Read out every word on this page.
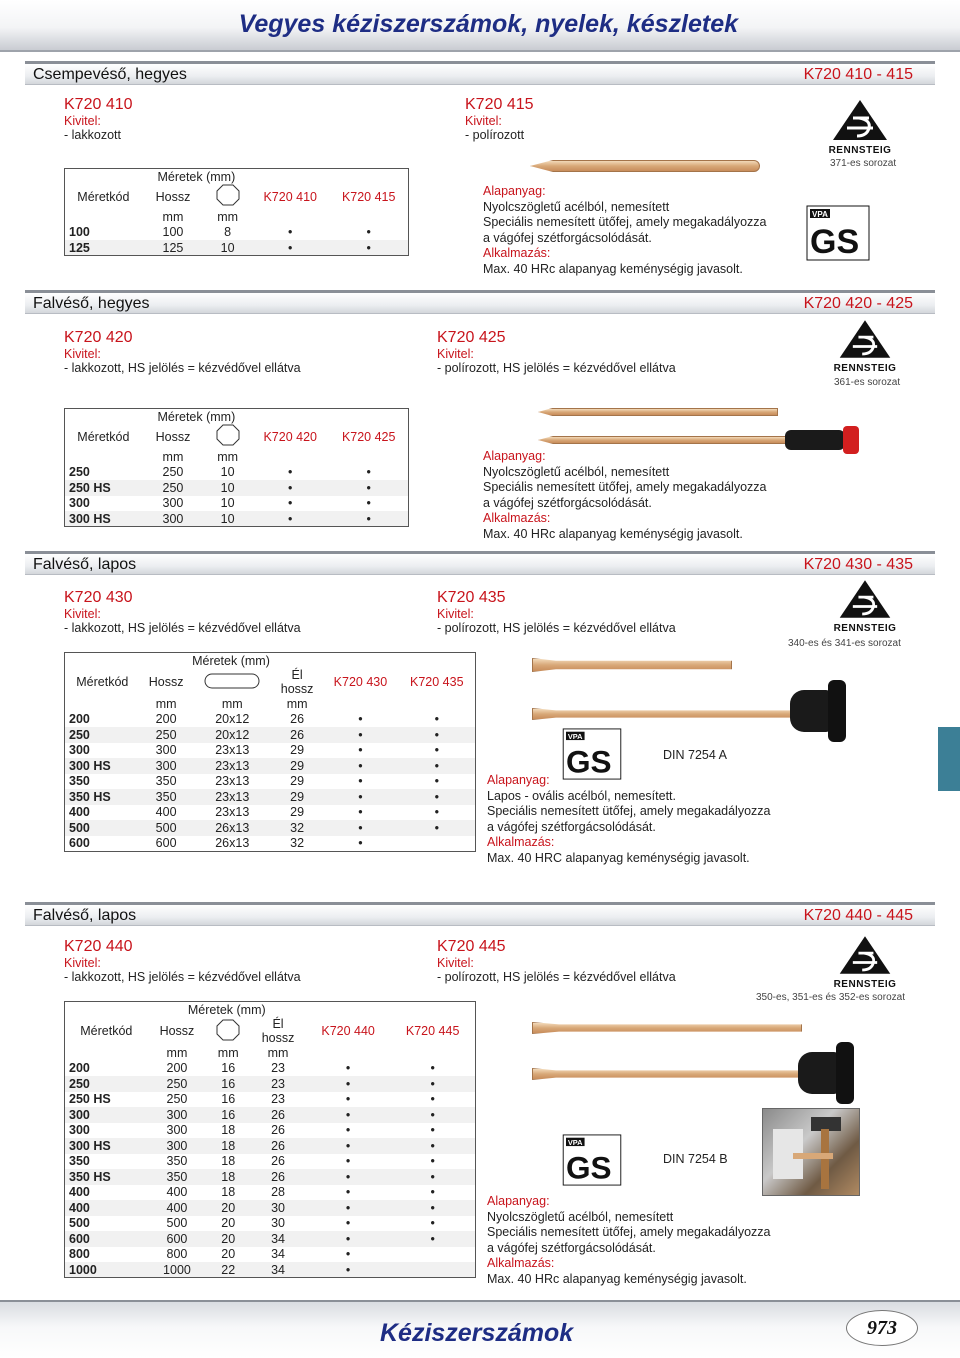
Vegyes kéziszerszámok, nyelek, készletek
Csempevéső, hegyes	K720 410 - 415
K720 410
Kivitel:
- lakkozott
K720 415
Kivitel:
- polírozott
RENNSTEIG
371-es sorozat
	Méretek (mm)			
Méretkód	Hossz		K720 410	K720 415
	mm	mm		
100	100	8	•	•
125	125	10	•	•
Alapanyag:
Nyolcszögletű acélból, nemesített
Speciális nemesített ütőfej, amely megakadályozza
a vágófej szétforgácsolódását.
Alkalmazás:
Max. 40 HRc alapanyag keménységig javasolt.
VPA
GS
Falvéső, hegyes	K720 420 - 425
K720 420
Kivitel:
- lakkozott, HS jelölés = kézvédővel ellátva
K720 425
Kivitel:
- polírozott, HS jelölés = kézvédővel ellátva	RENNSTEIG
361-es sorozat
	Méretek (mm)			
Méretkód	Hossz		K720 420	K720 425
	mm	mm		
250	250	10	•	•
250 HS	250	10	•	•
300	300	10	•	•
300 HS	300	10	•	•
Alapanyag:
Nyolcszögletű acélból, nemesített
Speciális nemesített ütőfej, amely megakadályozza
a vágófej szétforgácsolódását.
Alkalmazás:
Max. 40 HRc alapanyag keménységig javasolt.
Falvéső, lapos	K720 430 - 435
K720 430
Kivitel:
- lakkozott, HS jelölés = kézvédővel ellátva
K720 435
Kivitel:
- polírozott, HS jelölés = kézvédővel ellátva	RENNSTEIG
340-es és 341-es sorozat
	Méretek (mm)				
Méretkód	Hossz		Él
hossz	K720 430	K720 435
	mm	mm	mm		
200	200	20x12	26	•	•
250	250	20x12	26	•	•
300	300	23x13	29	•	•
300 HS	300	23x13	29	•	•
350	350	23x13	29	•	•
350 HS	350	23x13	29	•	•
400	400	23x13	29	•	•
500	500	26x13	32	•	•
600	600	26x13	32	•	
VPA
GS	DIN 7254 A
Alapanyag:
Lapos - ovális acélból, nemesített.
Speciális nemesített ütőfej, amely megakadályozza
a vágófej szétforgácsolódását.
Alkalmazás:
Max. 40 HRC alapanyag keménységig javasolt.
Falvéső, lapos	K720 440 - 445
K720 440
Kivitel:
- lakkozott, HS jelölés = kézvédővel ellátva
K720 445
Kivitel:
- polírozott, HS jelölés = kézvédővel ellátva
RENNSTEIG
350-es, 351-es és 352-es sorozat
	Méretek (mm)				
Méretkód	Hossz		Él
hossz	K720 440	K720 445
	mm	mm	mm		
200	200	16	23	•	•
250	250	16	23	•	•
250 HS	250	16	23	•	•
300	300	16	26	•	•
300	300	18	26	•	•
300 HS	300	18	26	•	•
350	350	18	26	•	•
350 HS	350	18	26	•	•
400	400	18	28	•	•
400	400	20	30	•	•
500	500	20	30	•	•
600	600	20	34	•	•
800	800	20	34	•	
1000	1000	22	34	•	
VPA
GS	DIN 7254 B
Alapanyag:
Nyolcszögletű acélból, nemesített
Speciális nemesített ütőfej, amely megakadályozza
a vágófej szétforgácsolódását.
Alkalmazás:
Max. 40 HRc alapanyag keménységig javasolt.
Kéziszerszámok	973
